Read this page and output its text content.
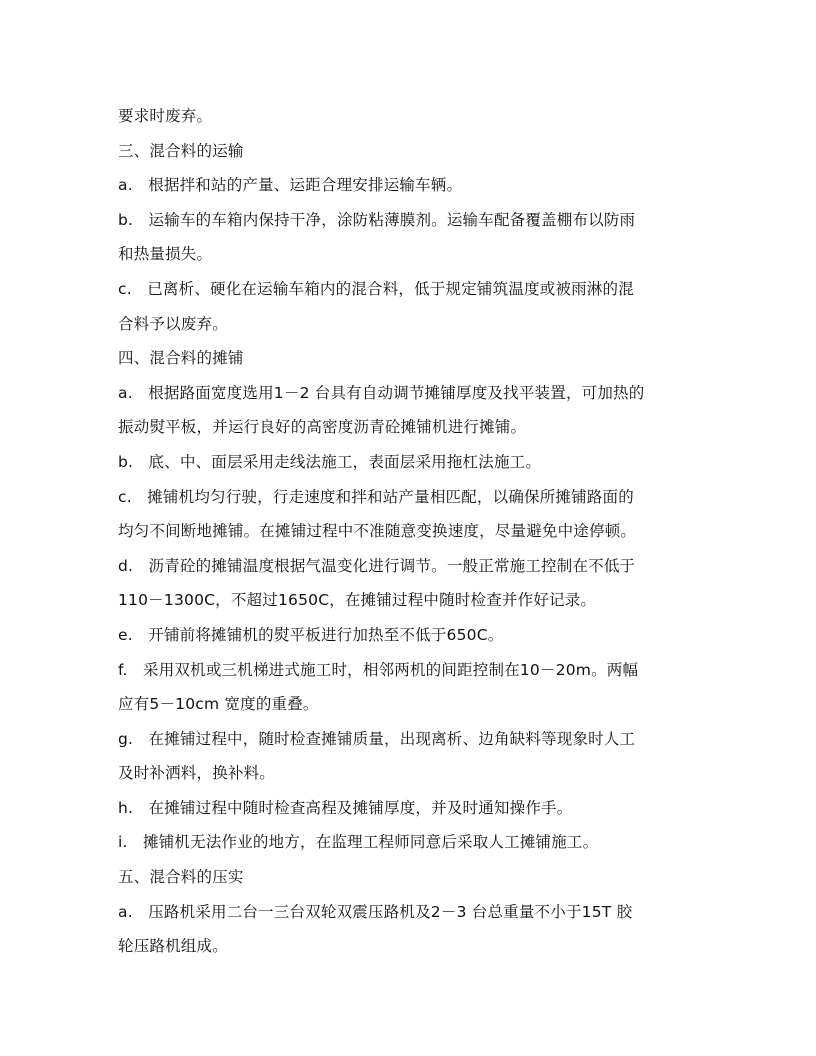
要求时废弃。
三、混合料的运输
a.   根据拌和站的产量、运距合理安排运输车辆。
b.   运输车的车箱内保持干净，涂防粘薄膜剂。运输车配备覆盖棚布以防雨
和热量损失。
c.   已离析、硬化在运输车箱内的混合料，低于规定铺筑温度或被雨淋的混
合料予以废弃。
四、混合料的摊铺
a.   根据路面宽度选用1－2 台具有自动调节摊铺厚度及找平装置，可加热的
振动熨平板，并运行良好的高密度沥青砼摊铺机进行摊铺。
b.   底、中、面层采用走线法施工，表面层采用拖杠法施工。
c.   摊铺机均匀行驶，行走速度和拌和站产量相匹配，以确保所摊铺路面的
均匀不间断地摊铺。在摊铺过程中不准随意变换速度，尽量避免中途停顿。
d.   沥青砼的摊铺温度根据气温变化进行调节。一般正常施工控制在不低于
110－1300C，不超过1650C，在摊铺过程中随时检查并作好记录。
e.   开铺前将摊铺机的熨平板进行加热至不低于650C。
f.   采用双机或三机梯进式施工时，相邻两机的间距控制在10－20m。两幅
应有5－10cm 宽度的重叠。
g.   在摊铺过程中，随时检查摊铺质量，出现离析、边角缺料等现象时人工
及时补洒料，换补料。
h.   在摊铺过程中随时检查高程及摊铺厚度，并及时通知操作手。
i.   摊铺机无法作业的地方，在监理工程师同意后采取人工摊铺施工。
五、混合料的压实
a.   压路机采用二台一三台双轮双震压路机及2－3 台总重量不小于15T 胶
轮压路机组成。
